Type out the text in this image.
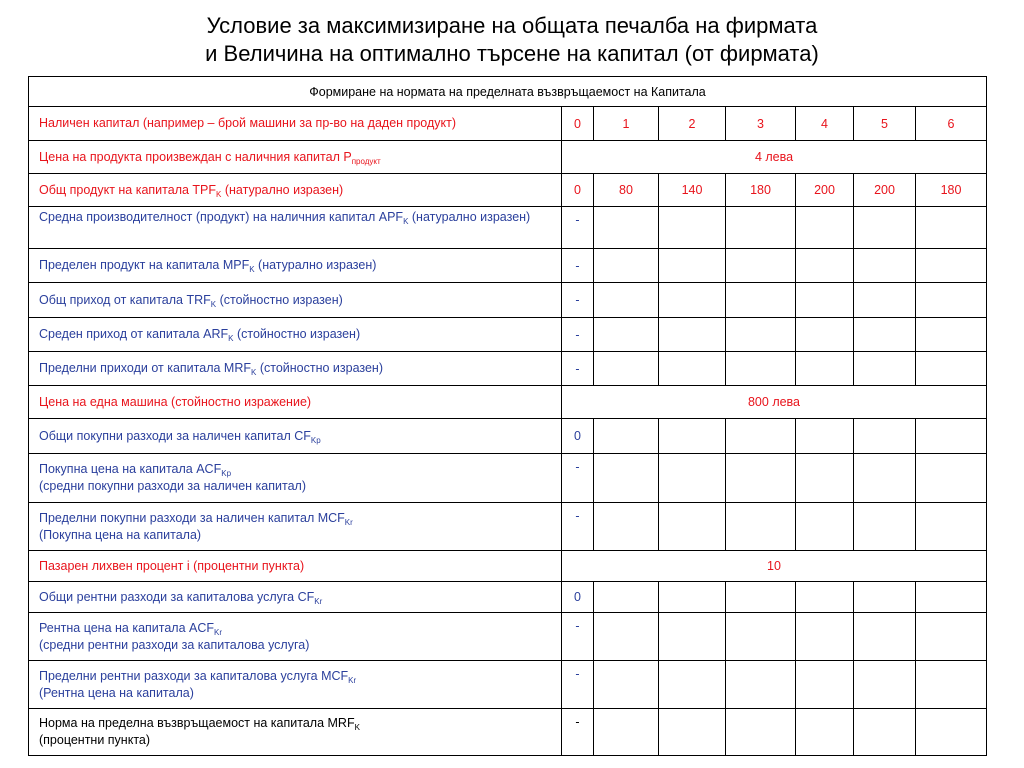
Условие за максимизиране на общата печалба на фирмата
и Величина на оптимално търсене на капитал (от фирмата)
Формиране на нормата на пределната възвръщаемост на Капитала							
Наличен капитал (например – брой машини за пр-во на даден продукт)	0	1	2	3	4	5	6
Цена на продукта произвеждан с наличния капитал $P_{продукт}$	4 лева						
Общ продукт на капитала $TPF_K$ (натурално изразен)	0	80	140	180	200	200	180
Средна производителност (продукт) на наличния капитал $APF_K$ (натурално изразен)	-						
Пределен продукт на капитала $MPF_K$ (натурално изразен)	-						
Общ приход от капитала $TRF_K$ (стойностно изразен)	-						
Среден приход от капитала $ARF_K$ (стойностно изразен)	-						
Пределни приходи от капитала $MRF_K$ (стойностно изразен)	-						
Цена на една машина (стойностно изражение)	800 лева						
Общи покупни разходи за наличен капитал $CF_{Kp}$	0						
Покупна цена на капитала $ACF_{Kp}$
(средни покупни разходи за наличен капитал)	-						
Пределни покупни разходи за наличен капитал $MCF_{Kr}$
(Покупна цена на капитала)	-						
Пазарен лихвен процент i (процентни пункта)	10						
Общи рентни разходи за капиталова услуга $CF_{Kr}$	0						
Рентна цена на капитала $ACF_{Kr}$
(средни рентни разходи за капиталова услуга)	-						
Пределни рентни разходи за капиталова услуга $MCF_{Kr}$
(Рентна цена на капитала)	-						
Норма на пределна възвръщаемост на капитала $MRF_K$
(процентни пункта)	-						
